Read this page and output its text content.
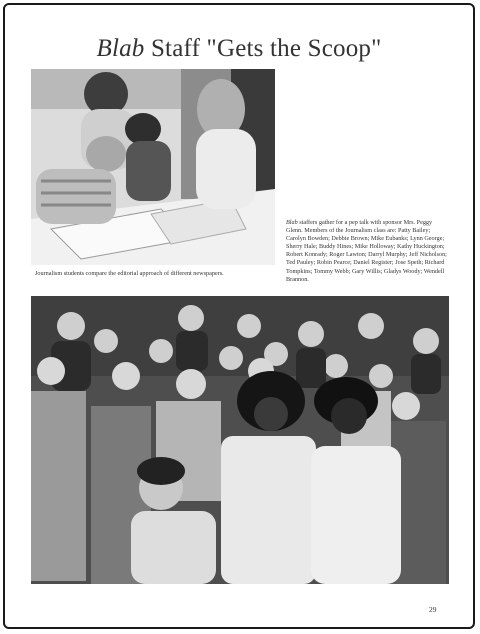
Blab Staff "Gets the Scoop"
Journalism students compare the editorial approach of different newspapers.
Blab staffers gather for a pep talk with sponsor Mrs. Peggy Glenn. Members of the Journalism class are: Patty Bailey; Carolyn Bowden; Debbie Brown; Mike Eubanks; Lynn George; Sherry Hale; Buddy Hines; Mike Holloway; Kathy Huckington; Robert Konrady; Roger Lawton; Darryl Murphy; Jeff Nicholson; Ted Pauley; Robin Pearce; Daniel Register; Jose Speth; Richard Tompkins; Tommy Webb; Gary Willis; Gladys Woody; Wendell Brannon.
29
